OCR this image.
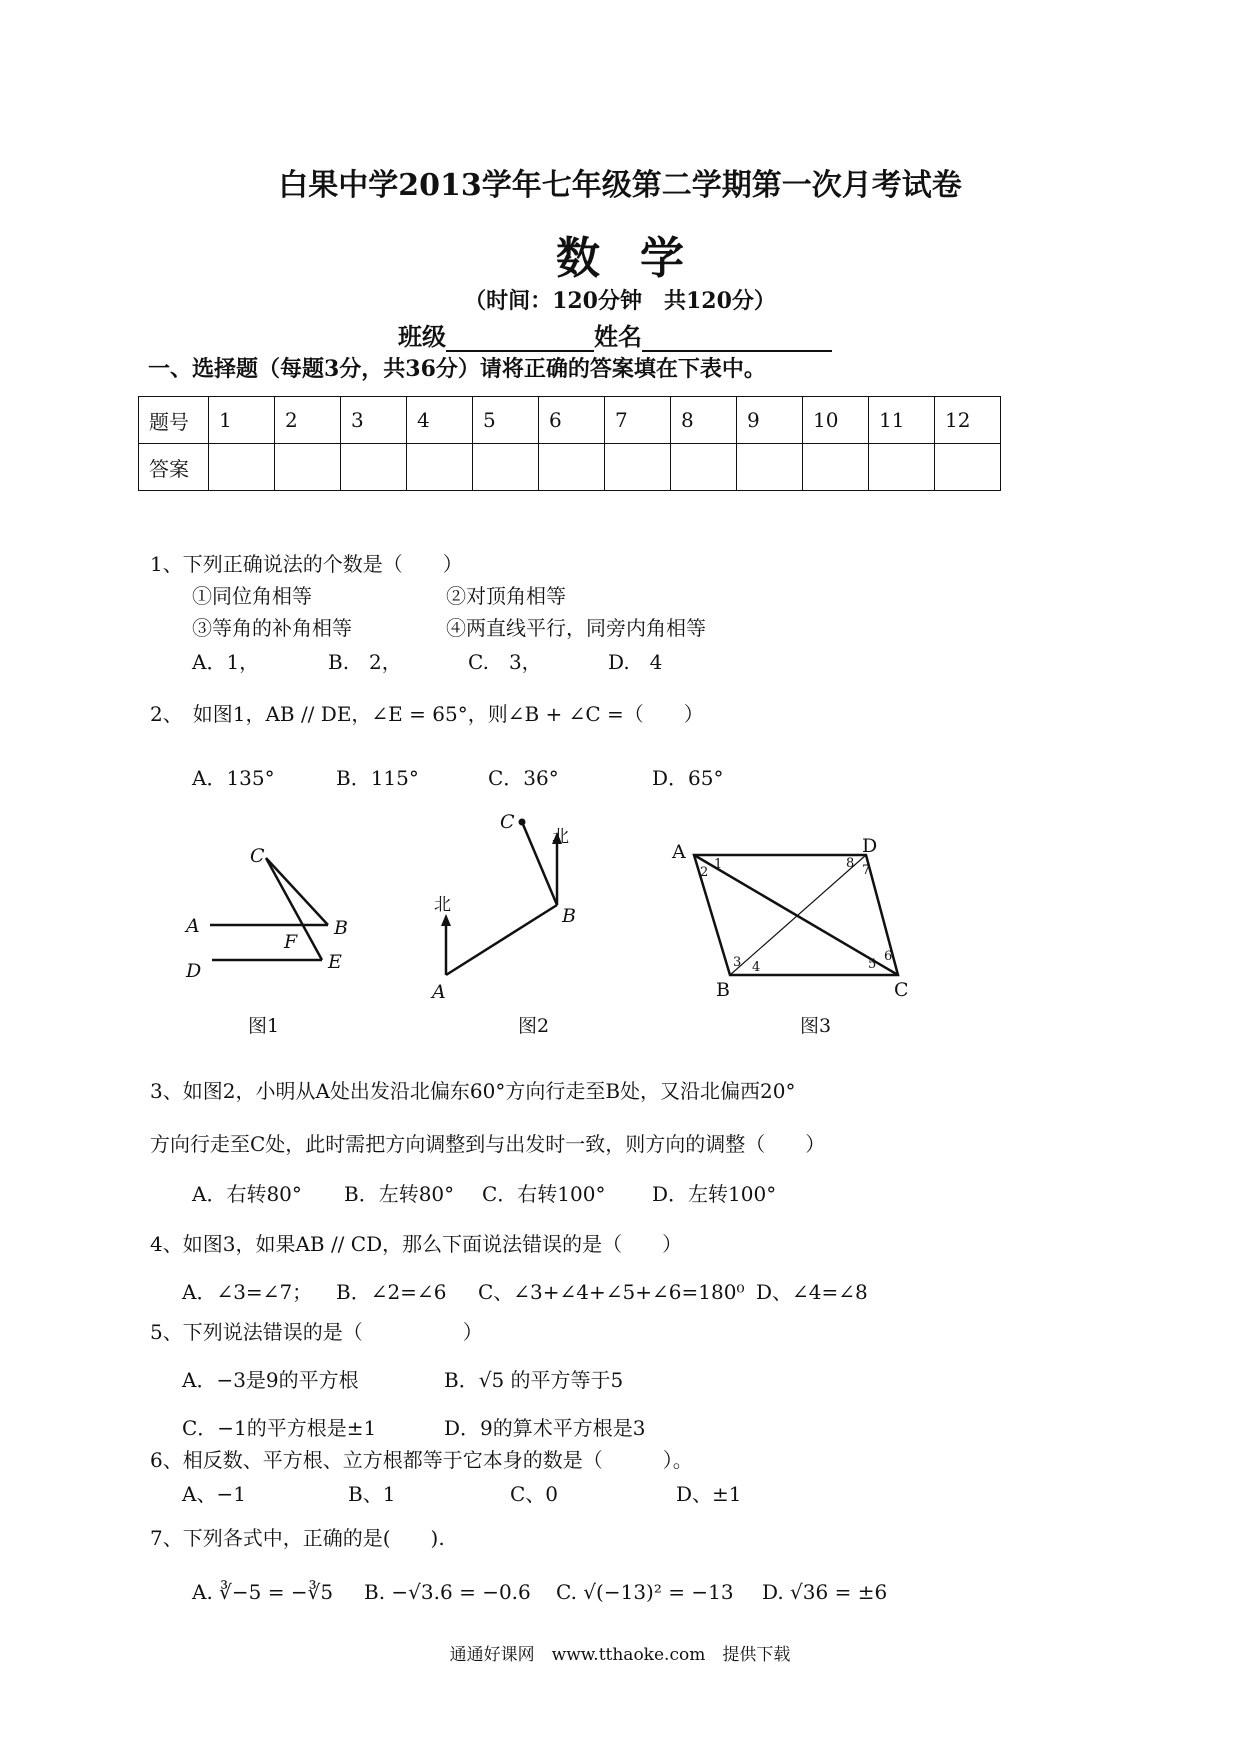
白果中学2013学年七年级第二学期第一次月考试卷
数学
（时间：120分钟　共120分）
班级	姓名
一、选择题（每题3分，共36分）请将正确的答案填在下表中。
题号	1	2	3	4	5	6	7	8	9	10	11	12
答案												
1、下列正确说法的个数是（　　）
①同位角相等	②对顶角相等
③等角的补角相等	④两直线平行，同旁内角相等
A．1，	B.　2，	C.　3，	D.　4
2、　如图1，AB // DE，∠E = 65°，则∠B + ∠C =（　　）
A．135°	B．115°	C．36°	D．65°
C
A	B
F
D	E
图1
C
A
B
北
北
图2
A	D
B	C
1
2
3 4	5
6
7
8
图3
3、如图2，小明从A处出发沿北偏东60°方向行走至B处，又沿北偏西20°
方向行走至C处，此时需把方向调整到与出发时一致，则方向的调整（　　）
A．右转80° B．左转80° C．右转100° D．左转100°
4、如图3，如果AB // CD，那么下面说法错误的是（　　）
A．∠3=∠7； B．∠2=∠6 C、∠3+∠4+∠5+∠6=180⁰ D、∠4=∠8
5、下列说法错误的是（　　　　　）
A．−3是9的平方根	B．√5 的平方等于5
C．−1的平方根是±1	D．9的算术平方根是3
6、相反数、平方根、立方根都等于它本身的数是（　　　）。
A、−1	B、1	C、0	D、±1
7、下列各式中，正确的是(　　).
A. ∛−5 = −∛5 B. −√3.6 = −0.6 C. √(−13)² = −13 D. √36 = ±6
通通好课网　www.tthaoke.com　提供下载
